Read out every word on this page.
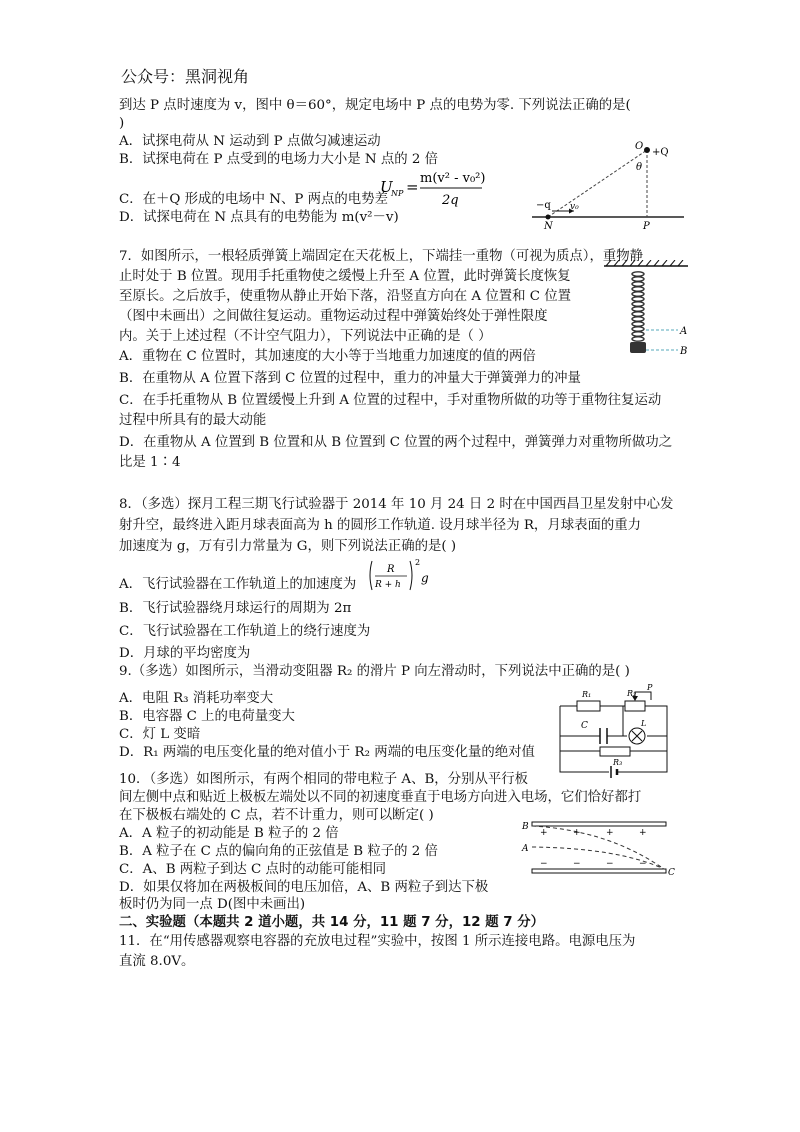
公众号：黑洞视角
到达 P 点时速度为 v，图中 θ＝60°，规定电场中 P 点的电势为零. 下列说法正确的是(
)
A．试探电荷从 N 运动到 P 点做匀减速运动
B．试探电荷在 P 点受到的电场力大小是 N 点的 2 倍
C．在＋Q 形成的电场中 N、P 两点的电势差
D．试探电荷在 N 点具有的电势能为 m(v²－v)
U
NP = m(v² - v₀²)
2q
O
+Q
θ
−q v₀
N	P
7．如图所示，一根轻质弹簧上端固定在天花板上，下端挂一重物（可视为质点），重物静
止时处于 B 位置。现用手托重物使之缓慢上升至 A 位置，此时弹簧长度恢复
至原长。之后放手，使重物从静止开始下落，沿竖直方向在 A 位置和 C 位置
（图中未画出）之间做往复运动。重物运动过程中弹簧始终处于弹性限度
内。关于上述过程（不计空气阻力），下列说法中正确的是（ ）
A．重物在 C 位置时，其加速度的大小等于当地重力加速度的值的两倍
B．在重物从 A 位置下落到 C 位置的过程中，重力的冲量大于弹簧弹力的冲量
C．在手托重物从 B 位置缓慢上升到 A 位置的过程中，手对重物所做的功等于重物往复运动
过程中所具有的最大动能
D．在重物从 A 位置到 B 位置和从 B 位置到 C 位置的两个过程中，弹簧弹力对重物所做功之
比是 1∶4
A
B
8．（多选）探月工程三期飞行试验器于 2014 年 10 月 24 日 2 时在中国西昌卫星发射中心发
射升空，最终进入距月球表面高为 h 的圆形工作轨道. 设月球半径为 R，月球表面的重力
加速度为 g，万有引力常量为 G，则下列说法正确的是( )
A．飞行试验器在工作轨道上的加速度为
R
R + h
2
g
B．飞行试验器绕月球运行的周期为 2π
C．飞行试验器在工作轨道上的绕行速度为
D．月球的平均密度为
9.（多选）如图所示，当滑动变阻器 R₂ 的滑片 P 向左滑动时，下列说法中正确的是( )
A．电阻 R₃ 消耗功率变大
B．电容器 C 上的电荷量变大
C．灯 L 变暗
D．R₁ 两端的电压变化量的绝对值小于 R₂ 两端的电压变化量的绝对值
R₁	R₂
P
C	L
R₃
10．（多选）如图所示，有两个相同的带电粒子 A、B，分别从平行板
间左侧中点和贴近上极板左端处以不同的初速度垂直于电场方向进入电场，它们恰好都打
在下极板右端处的 C 点，若不计重力，则可以断定( )
A．A 粒子的初动能是 B 粒子的 2 倍
B．A 粒子在 C 点的偏向角的正弦值是 B 粒子的 2 倍
C．A、B 两粒子到达 C 点时的动能可能相同
D．如果仅将加在两极板间的电压加倍，A、B 两粒子到达下极
板时仍为同一点 D(图中未画出)
B
A
C
+	+	+	+
−	−	−	−
二、实验题（本题共 2 道小题，共 14 分，11 题 7 分，12 题 7 分）
11．在“用传感器观察电容器的充放电过程”实验中，按图 1 所示连接电路。电源电压为
直流 8.0V。
